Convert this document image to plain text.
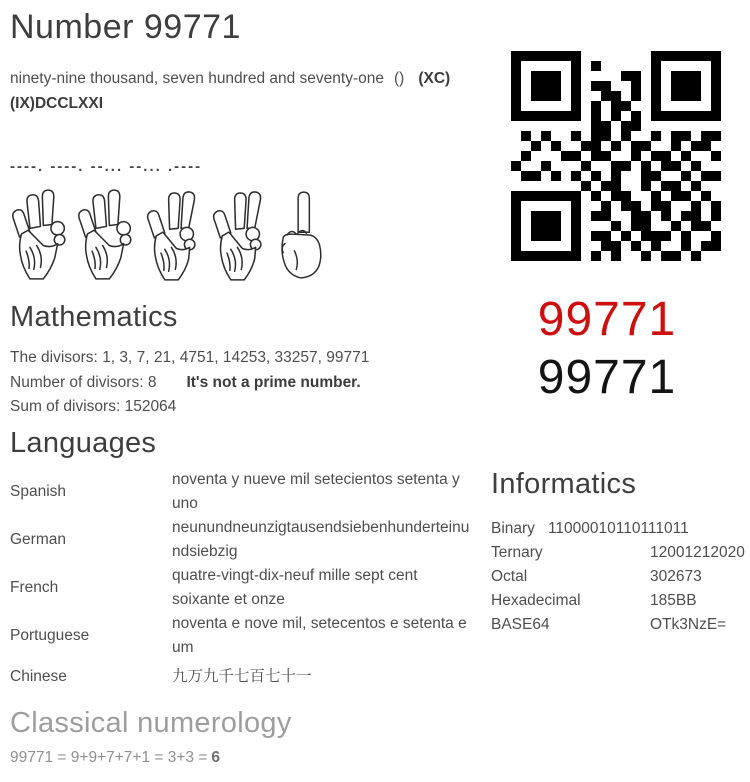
Number 99771

ninety-nine thousand, seven hundred and seventy-one () (XC)(IX)DCCLXXI

----. ----. --... --... .----
Mathematics
The divisors: 1, 3, 7, 21, 4751, 14253, 33257, 99771
Number of divisors: 8 It's not a prime number.
Sum of divisors: 152064
99771
99771
Languages
Spanish
noventa y nueve mil setecientos setenta y uno
German
neunundneunzigtausendsiebenhunderteinundsiebzig
French
quatre-vingt-dix-neuf mille sept cent soixante et onze
Portuguese
noventa e nove mil, setecentos e setenta e um
Chinese	九万九千七百七十一
Informatics
Binary 11000010110111011
Ternary	12001212020
Octal	302673
Hexadecimal	185BB
BASE64	OTk3NzE=
Classical numerology
99771 = 9+9+7+7+1 = 3+3 = 6
